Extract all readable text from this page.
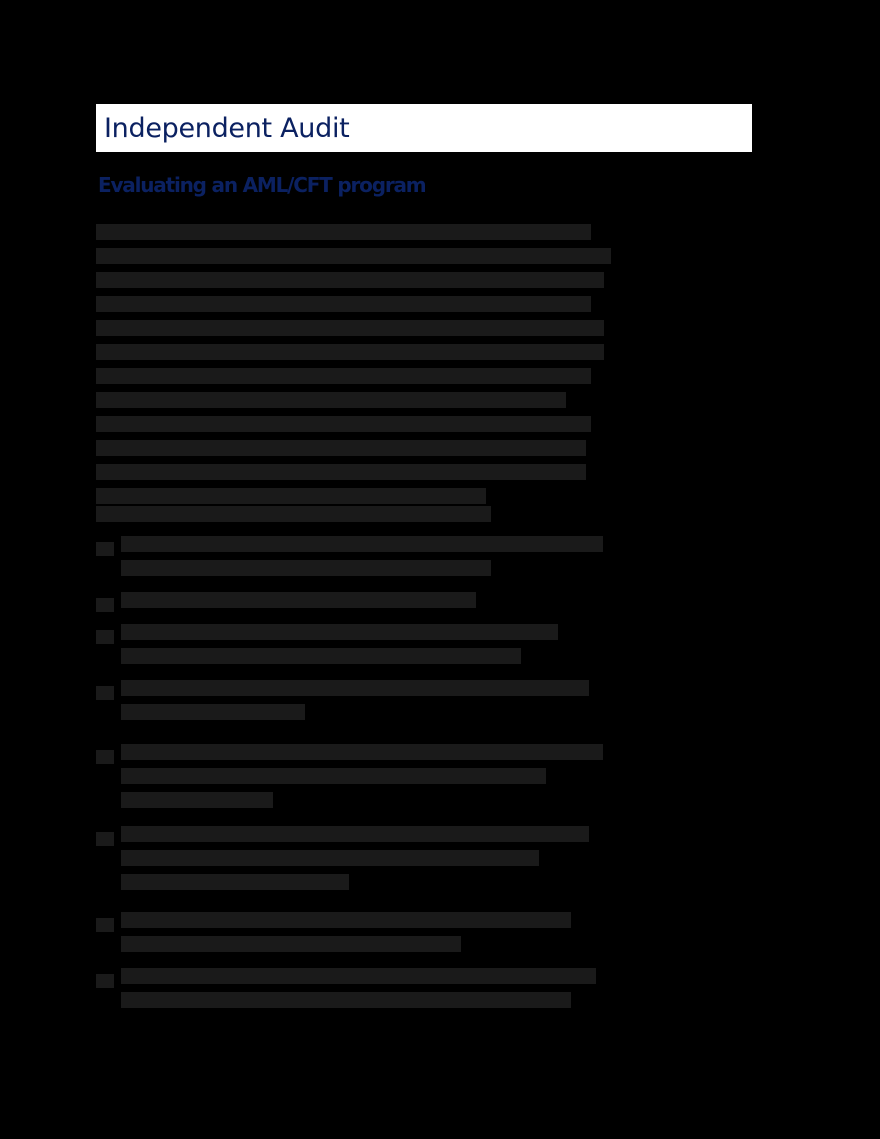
Independent Audit
Evaluating an AML/CFT program
